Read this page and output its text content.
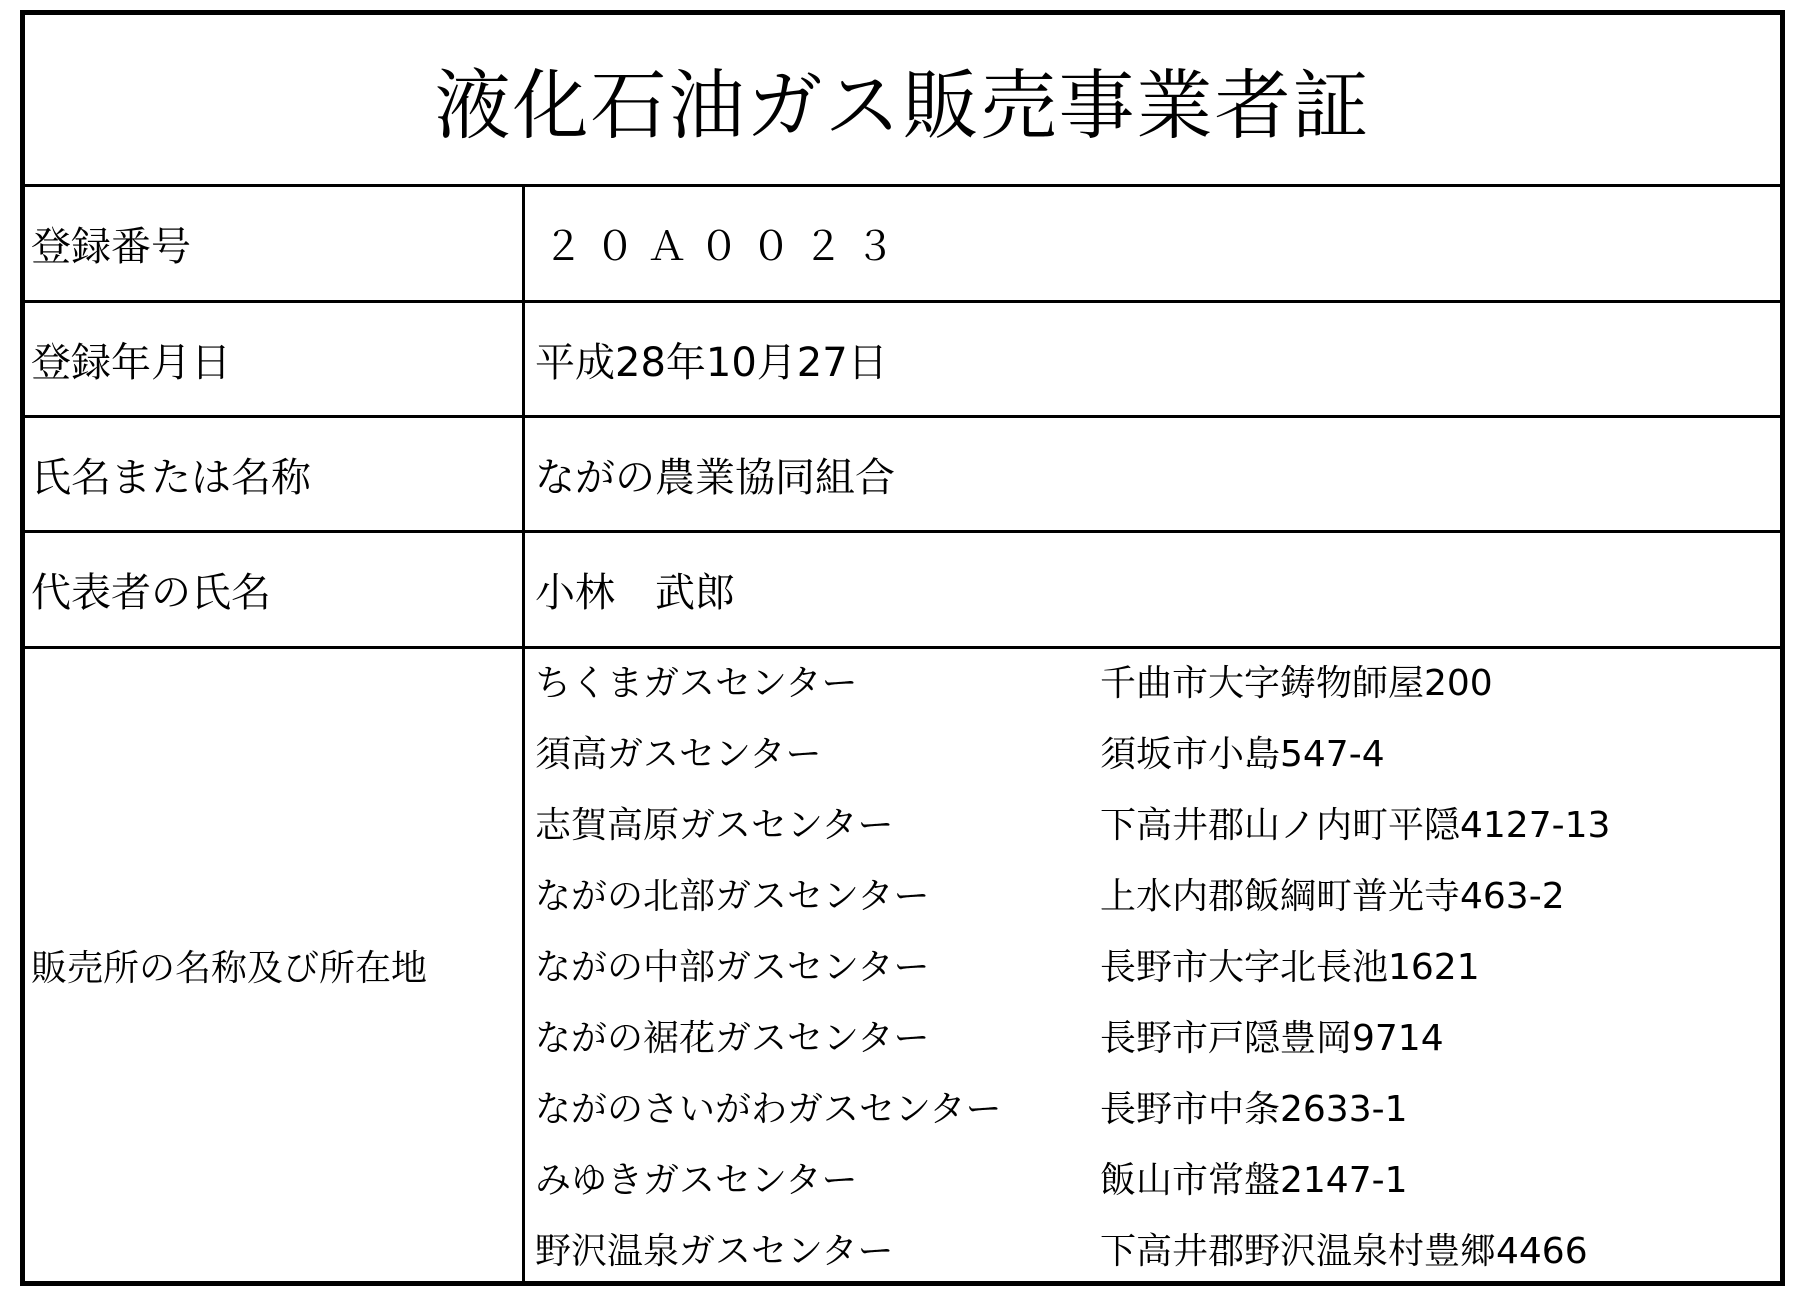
液化石油ガス販売事業者証
登録番号	２０Ａ００２３
登録年月日	平成28年10月27日
氏名または名称	ながの農業協同組合
代表者の氏名	小林　武郎
販売所の名称及び所在地
ちくまガスセンター	千曲市大字鋳物師屋200
須高ガスセンター	須坂市小島547-4
志賀高原ガスセンター	下高井郡山ノ内町平隠4127-13
ながの北部ガスセンター	上水内郡飯綱町普光寺463-2
ながの中部ガスセンター	長野市大字北長池1621
ながの裾花ガスセンター	長野市戸隠豊岡9714
ながのさいがわガスセンター	長野市中条2633-1
みゆきガスセンター	飯山市常盤2147-1
野沢温泉ガスセンター	下高井郡野沢温泉村豊郷4466
